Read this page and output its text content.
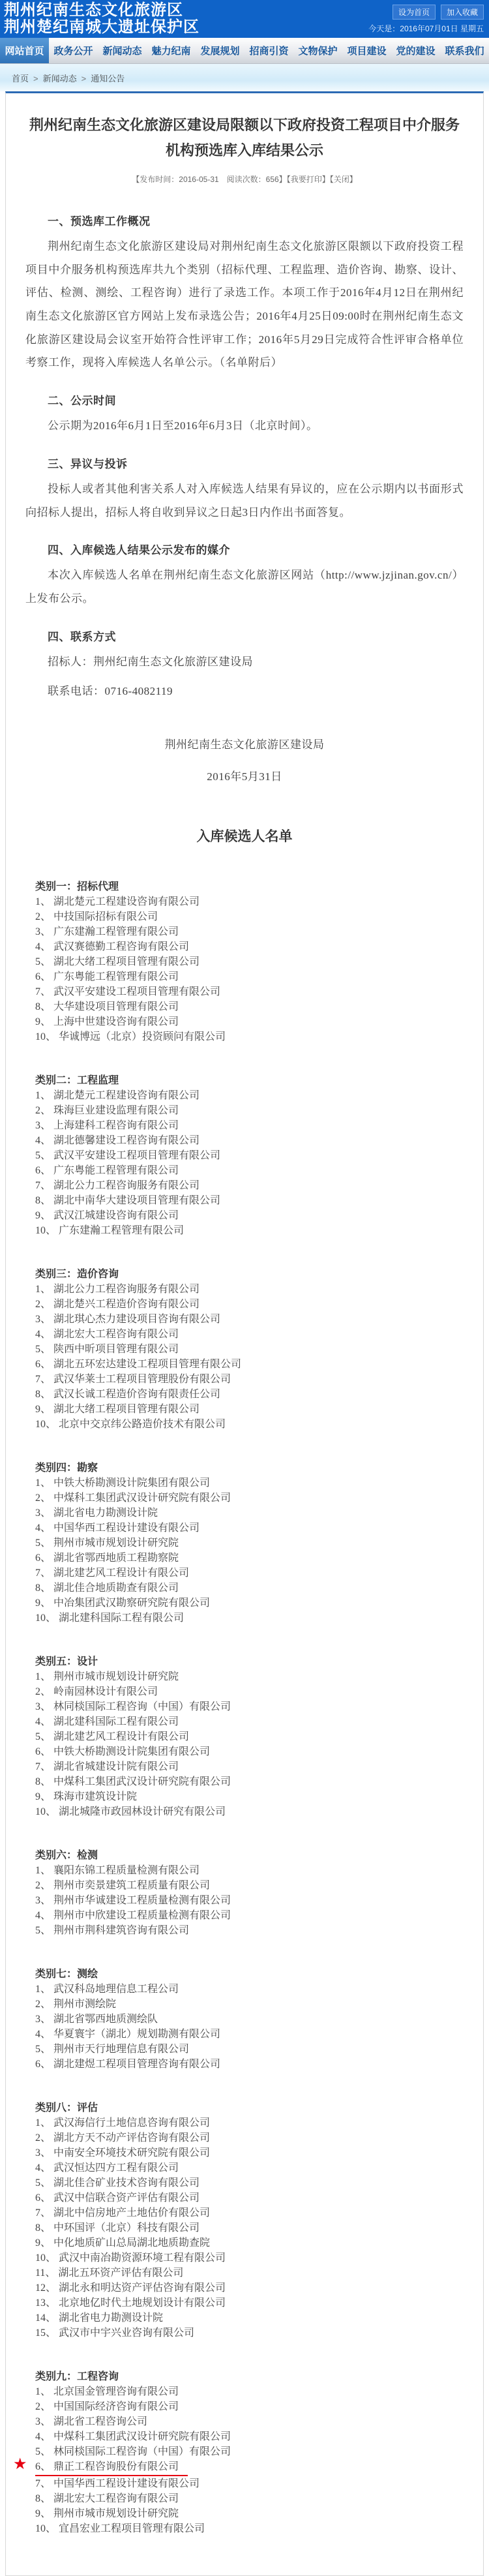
荆州纪南生态文化旅游区
荆州楚纪南城大遗址保护区
设为首页	加入收藏
今天是：2016年07月01日 星期五
网站首页 政务公开 新闻动态 魅力纪南 发展规划 招商引资 文物保护 项目建设 党的建设 联系我们
首页 > 新闻动态 > 通知公告
荆州纪南生态文化旅游区建设局限额以下政府投资工程项目中介服务机构预选库入库结果公示
【发布时间：2016-05-31　阅读次数：656】【我要打印】【关闭】
一、预选库工作概况
荆州纪南生态文化旅游区建设局对荆州纪南生态文化旅游区限额以下政府投资工程项目中介服务机构预选库共九个类别（招标代理、工程监理、造价咨询、勘察、设计、评估、检测、测绘、工程咨询）进行了录选工作。本项工作于2016年4月12日在荆州纪南生态文化旅游区官方网站上发布录选公告；2016年4月25日09:00时在荆州纪南生态文化旅游区建设局会议室开始符合性评审工作；2016年5月29日完成符合性评审合格单位考察工作，现将入库候选人名单公示。（名单附后）
二、公示时间
公示期为2016年6月1日至2016年6月3日（北京时间）。
三、异议与投诉
投标人或者其他利害关系人对入库候选人结果有异议的，应在公示期内以书面形式向招标人提出，招标人将自收到异议之日起3日内作出书面答复。
四、入库候选人结果公示发布的媒介
本次入库候选人名单在荆州纪南生态文化旅游区网站（http://www.jzjinan.gov.cn/）上发布公示。
四、联系方式
招标人：荆州纪南生态文化旅游区建设局
联系电话：0716-4082119
荆州纪南生态文化旅游区建设局
2016年5月31日
入库候选人名单
类别一：招标代理
1、 湖北楚元工程建设咨询有限公司
2、 中技国际招标有限公司
3、 广东建瀚工程管理有限公司
4、 武汉赛德勤工程咨询有限公司
5、 湖北大绪工程项目管理有限公司
6、 广东粤能工程管理有限公司
7、 武汉平安建设工程项目管理有限公司
8、 大华建设项目管理有限公司
9、 上海中世建设咨询有限公司
10、 华诚博远（北京）投资顾问有限公司
类别二：工程监理
1、 湖北楚元工程建设咨询有限公司
2、 珠海巨业建设监理有限公司
3、 上海建科工程咨询有限公司
4、 湖北德馨建设工程咨询有限公司
5、 武汉平安建设工程项目管理有限公司
6、 广东粤能工程管理有限公司
7、 湖北公力工程咨询服务有限公司
8、 湖北中南华大建设项目管理有限公司
9、 武汉江城建设咨询有限公司
10、 广东建瀚工程管理有限公司
类别三：造价咨询
1、 湖北公力工程咨询服务有限公司
2、 湖北楚兴工程造价咨询有限公司
3、 湖北琪心杰力建设项目咨询有限公司
4、 湖北宏大工程咨询有限公司
5、 陕西中昕项目管理有限公司
6、 湖北五环宏达建设工程项目管理有限公司
7、 武汉华莱士工程项目管理股份有限公司
8、 武汉长诚工程造价咨询有限责任公司
9、 湖北大绪工程项目管理有限公司
10、 北京中交京纬公路造价技术有限公司
类别四：勘察
1、 中铁大桥勘测设计院集团有限公司
2、 中煤科工集团武汉设计研究院有限公司
3、 湖北省电力勘测设计院
4、 中国华西工程设计建设有限公司
5、 荆州市城市规划设计研究院
6、 湖北省鄂西地质工程勘察院
7、 湖北建艺风工程设计有限公司
8、 湖北佳合地质勘查有限公司
9、 中冶集团武汉勘察研究院有限公司
10、 湖北建科国际工程有限公司
类别五：设计
1、 荆州市城市规划设计研究院
2、 岭南园林设计有限公司
3、 林同棪国际工程咨询（中国）有限公司
4、 湖北建科国际工程有限公司
5、 湖北建艺风工程设计有限公司
6、 中铁大桥勘测设计院集团有限公司
7、 湖北省城建设计院有限公司
8、 中煤科工集团武汉设计研究院有限公司
9、 珠海市建筑设计院
10、 湖北城隆市政园林设计研究有限公司
类别六：检测
1、 襄阳东锦工程质量检测有限公司
2、 荆州市奕景建筑工程质量有限公司
3、 荆州市华诚建设工程质量检测有限公司
4、 荆州市中欣建设工程质量检测有限公司
5、 荆州市荆科建筑咨询有限公司
类别七：测绘
1、 武汉科岛地理信息工程公司
2、 荆州市测绘院
3、 湖北省鄂西地质测绘队
4、 华夏寰宇（湖北）规划勘测有限公司
5、 荆州市天行地理信息有限公司
6、 湖北建煜工程项目管理咨询有限公司
类别八：评估
1、 武汉海信行土地信息咨询有限公司
2、 湖北方天不动产评估咨询有限公司
3、 中南安全环境技术研究院有限公司
4、 武汉恒达四方工程有限公司
5、 湖北佳合矿业技术咨询有限公司
6、 武汉中信联合资产评估有限公司
7、 湖北中信房地产土地估价有限公司
8、 中环国评（北京）科技有限公司
9、 中化地质矿山总局湖北地质勘查院
10、 武汉中南冶勘资源环境工程有限公司
11、 湖北五环资产评估有限公司
12、 湖北永和明达资产评估咨询有限公司
13、 北京地亿时代土地规划设计有限公司
14、 湖北省电力勘测设计院
15、 武汉市中宇兴业咨询有限公司
类别九：工程咨询
1、 北京国金管理咨询有限公司
2、 中国国际经济咨询有限公司
3、 湖北省工程咨询公司
4、 中煤科工集团武汉设计研究院有限公司
5、 林同棪国际工程咨询（中国）有限公司
★ 6、 鼎正工程咨询股份有限公司
7、 中国华西工程设计建设有限公司
8、 湖北宏大工程咨询有限公司
9、 荆州市城市规划设计研究院
10、 宜昌宏业工程项目管理有限公司
